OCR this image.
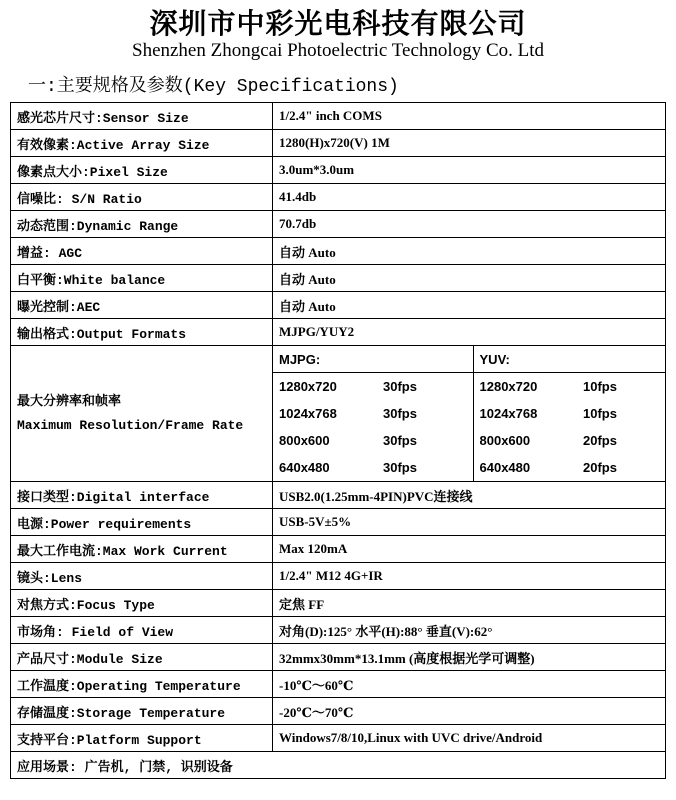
深圳市中彩光电科技有限公司
Shenzhen Zhongcai Photoelectric Technology Co. Ltd
一:主要规格及参数(Key Specifications)
感光芯片尺寸:Sensor Size	1/2.4" inch COMS
有效像素:Active Array Size	1280(H)x720(V) 1M
像素点大小:Pixel Size	3.0um*3.0um
信噪比: S/N Ratio	41.4db
动态范围:Dynamic Range	70.7db
增益: AGC	自动 Auto
白平衡:White balance	自动 Auto
曝光控制:AEC	自动 Auto
输出格式:Output Formats	MJPG/YUY2

最大分辨率和帧率
Maximum Resolution/Frame Rate

MJPG:	YUV:
1280x720	30fps	1280x720	10fps
1024x768	30fps	1024x768	10fps
800x600	30fps	800x600	20fps
640x480	30fps	640x480	20fps

接口类型:Digital interface	USB2.0(1.25mm-4PIN)PVC连接线
电源:Power requirements	USB-5V±5%
最大工作电流:Max Work Current	Max 120mA
镜头:Lens	1/2.4" M12 4G+IR
对焦方式:Focus Type	定焦 FF
市场角: Field of View	对角(D):125° 水平(H):88° 垂直(V):62°
产品尺寸:Module Size	32mmx30mm*13.1mm (高度根据光学可调整)
工作温度:Operating Temperature	-10℃～60℃
存储温度:Storage Temperature	-20℃～70℃
支持平台:Platform Support	Windows7/8/10,Linux with UVC drive/Android
应用场景: 广告机, 门禁, 识别设备
